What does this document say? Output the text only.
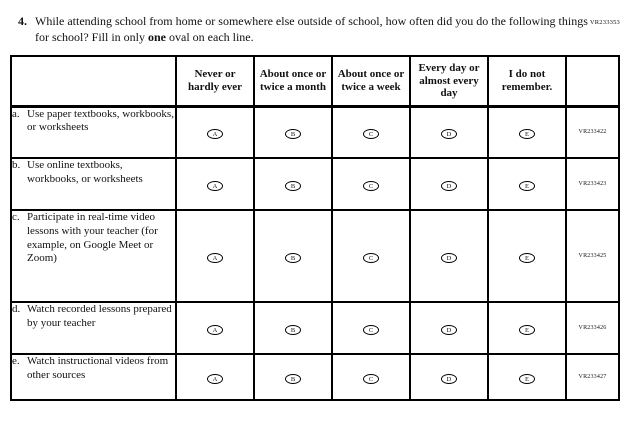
VR233353
4. While attending school from home or somewhere else outside of school, how often did you do the following things for school? Fill in only one oval on each line.
	Never or hardly ever	About once or twice a month	About once or twice a week	Every day or almost every day	I do not remember.	

a. Use paper textbooks, workbooks, or worksheets	A	B	C	D	E	VR233422

b. Use online textbooks, workbooks, or worksheets	A	B	C	D	E	VR233423

c. Participate in real-time video lessons with your teacher (for example, on Google Meet or Zoom)	A	B	C	D	E	VR233425

d. Watch recorded lessons prepared by your teacher	A	B	C	D	E	VR233426

e. Watch instructional videos from other sources	A	B	C	D	E	VR233427
